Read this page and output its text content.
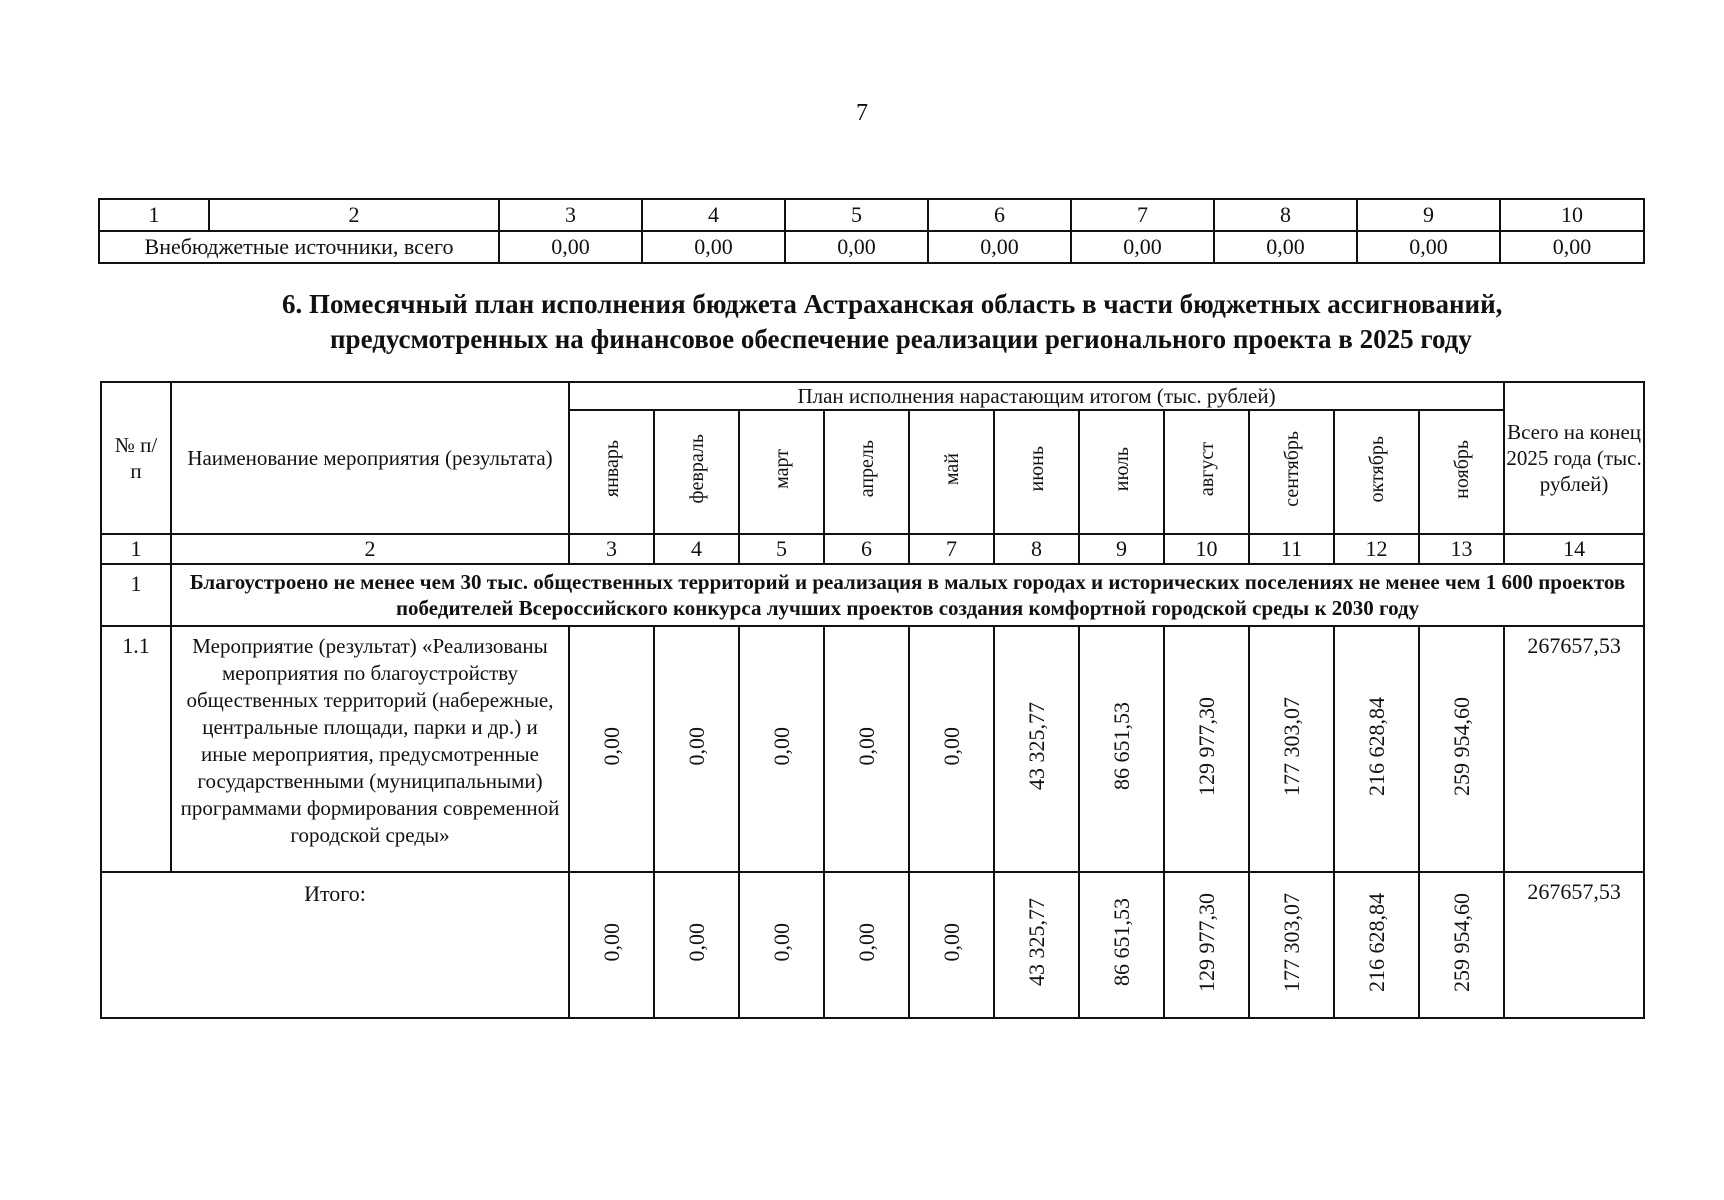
7
1	2	3	4	5	6	7	8	9	10
Внебюджетные источники, всего		0,00	0,00	0,00	0,00	0,00	0,00	0,00	0,00
6. Помесячный план исполнения бюджета Астраханская область в части бюджетных ассигнований,
предусмотренных на финансовое обеспечение реализации регионального проекта в 2025 году
№ п/п	Наименование мероприятия (результата)	План исполнения нарастающим итогом (тыс. рублей)											Всего на конец 2025 года (тыс. рублей)
		январь	февраль	март	апрель	май	июнь	июль	август	сентябрь	октябрь	ноябрь	
1	2	3	4	5	6	7	8	9	10	11	12	13	14
1	Благоустроено не менее чем 30 тыс. общественных территорий и реализация в малых городах и исторических поселениях не менее чем 1 600 проектов победителей Всероссийского конкурса лучших проектов создания комфортной городской среды к 2030 году												
1.1	Мероприятие (результат) «Реализованы мероприятия по благоустройству общественных территорий (набережные, центральные площади, парки и др.) и иные мероприятия, предусмотренные государственными (муниципальными) программами формирования современной городской среды»	0,00	0,00	0,00	0,00	0,00	43 325,77	86 651,53	129 977,30	177 303,07	216 628,84	259 954,60	267657,53
Итого:		0,00	0,00	0,00	0,00	0,00	43 325,77	86 651,53	129 977,30	177 303,07	216 628,84	259 954,60	267657,53
